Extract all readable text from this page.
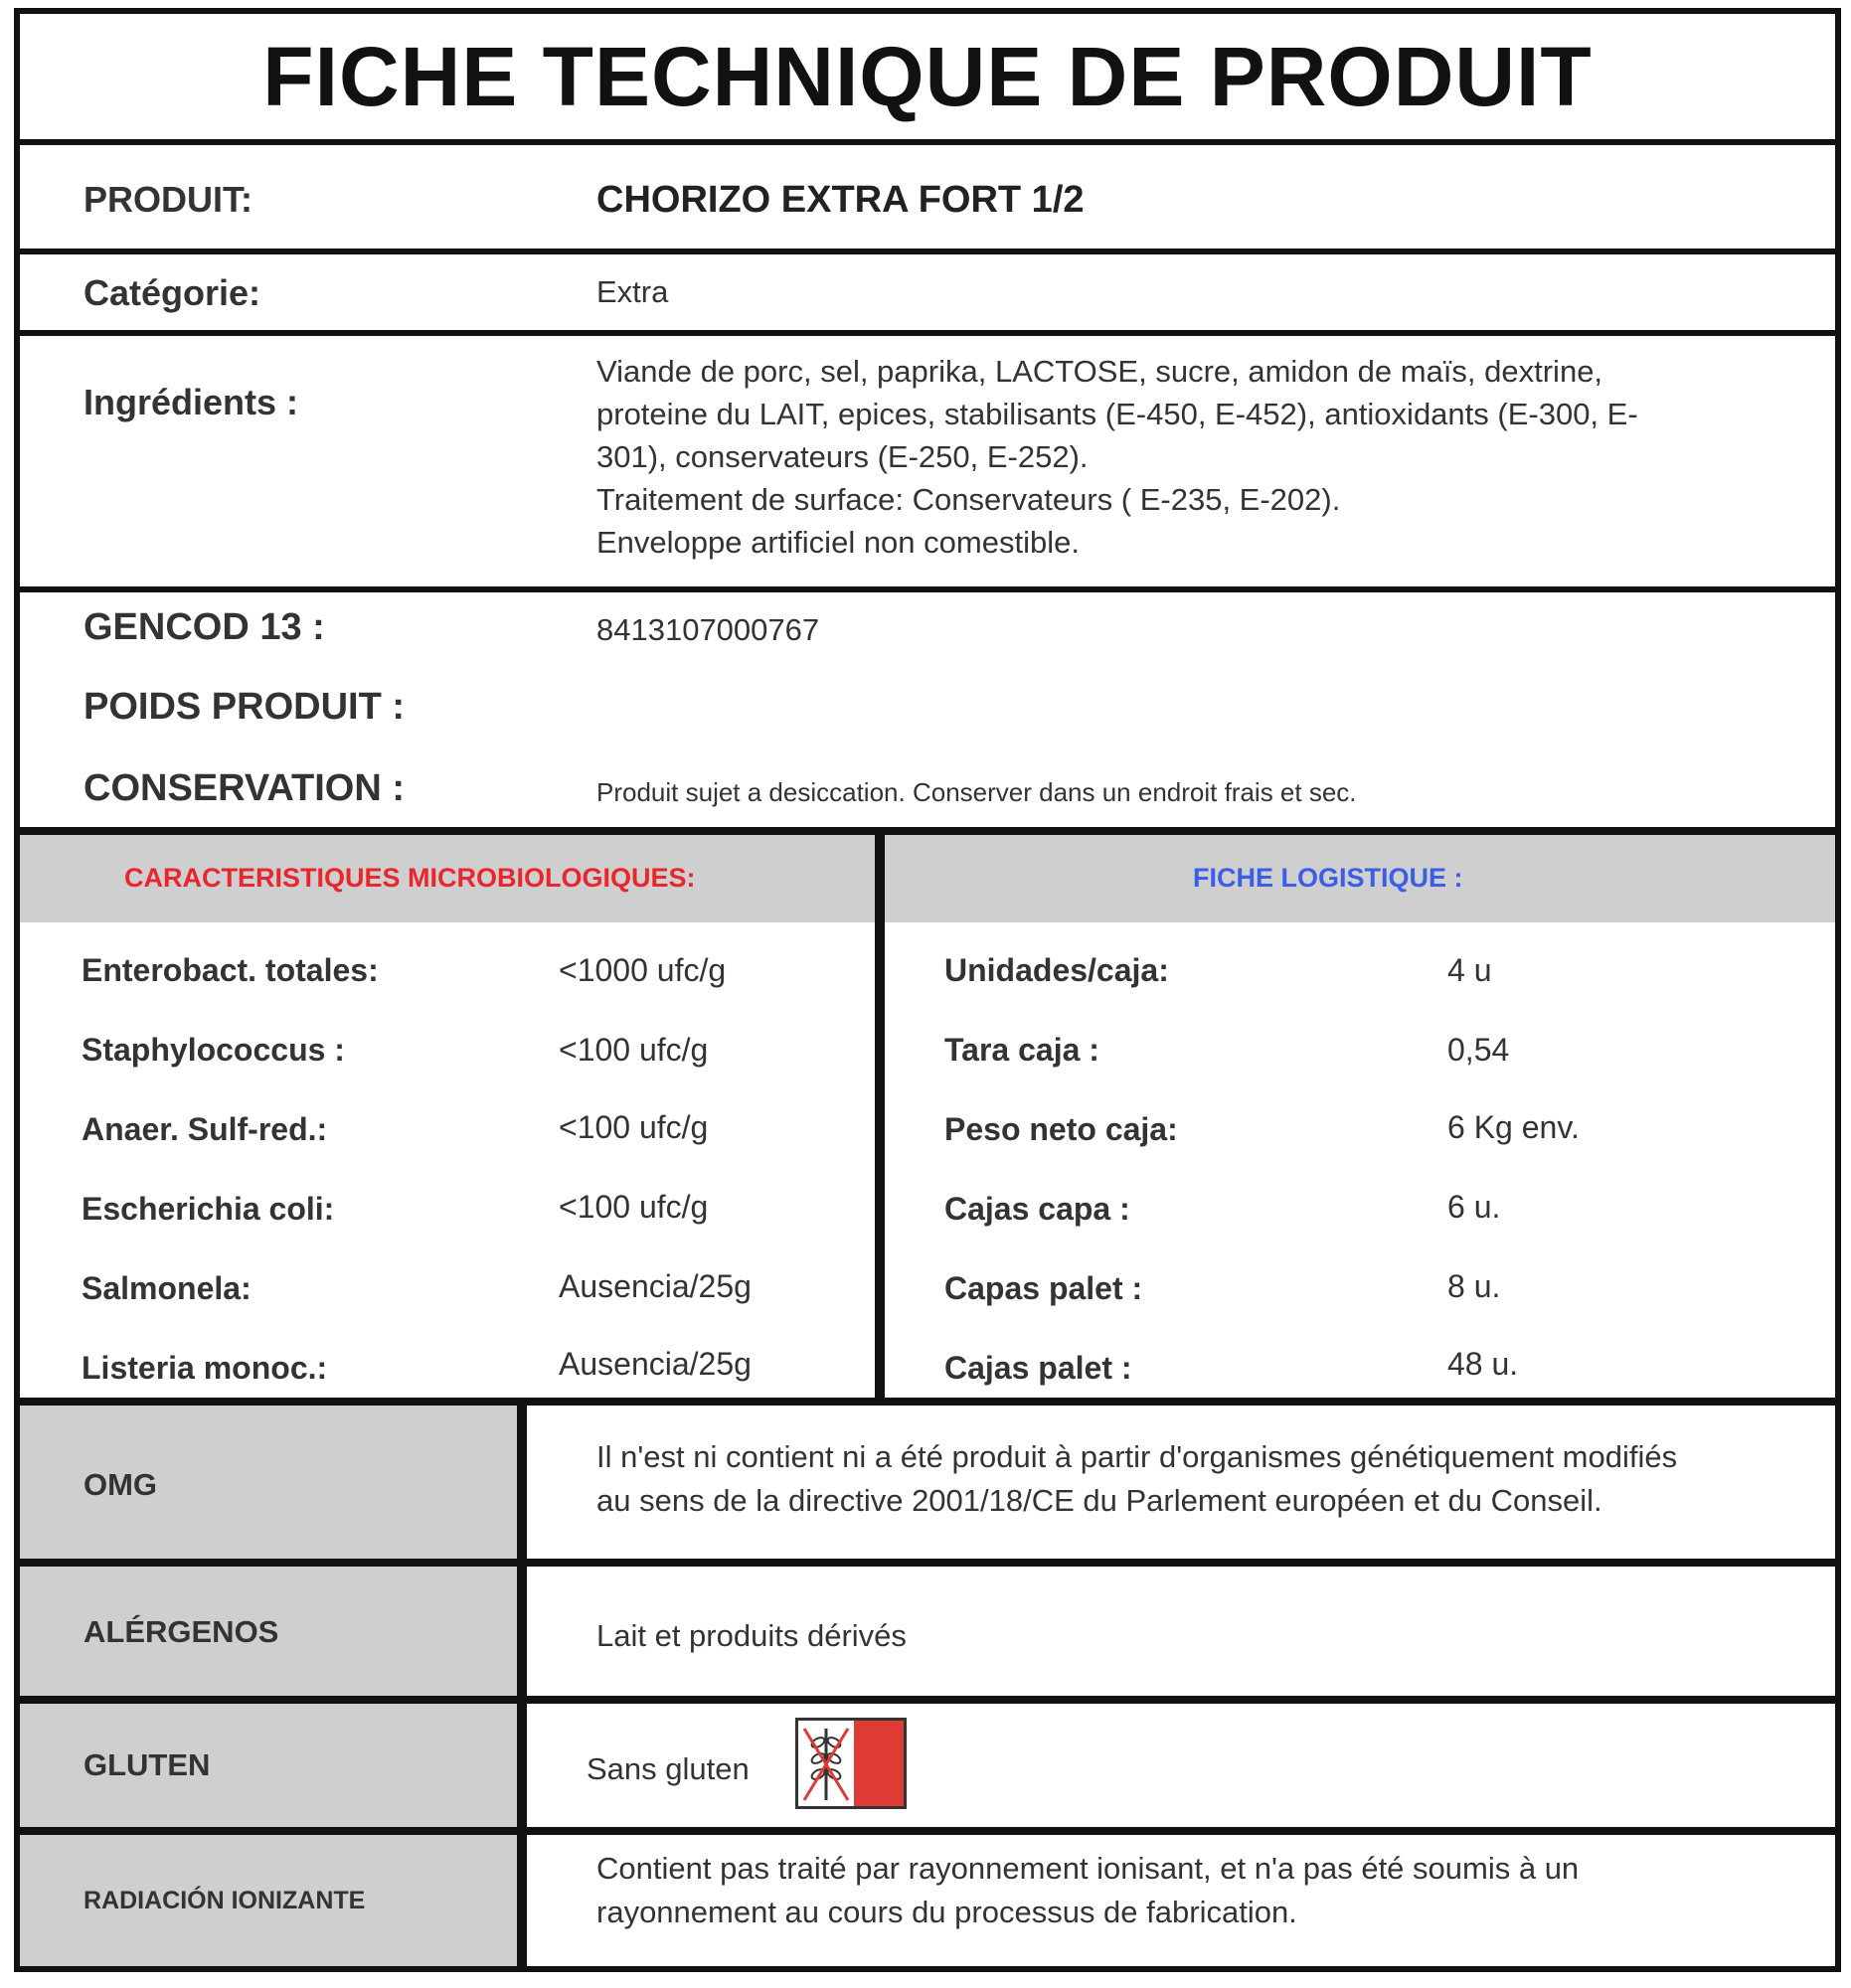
FICHE TECHNIQUE DE PRODUIT
PRODUIT:	CHORIZO EXTRA FORT 1/2
Catégorie:	Extra
Ingrédients :
Viande de porc, sel, paprika, LACTOSE, sucre, amidon de maïs, dextrine,
proteine du LAIT, epices, stabilisants (E-450, E-452), antioxidants (E-300, E-
301), conservateurs (E-250, E-252).
Traitement de surface: Conservateurs ( E-235, E-202).
Enveloppe artificiel non comestible.
GENCOD 13 :	8413107000767
POIDS PRODUIT :
CONSERVATION :	Produit sujet a desiccation. Conserver dans un endroit frais et sec.
CARACTERISTIQUES MICROBIOLOGIQUES:	FICHE LOGISTIQUE :
Enterobact. totales:	<1000 ufc/g
Staphylococcus :	<100 ufc/g
Anaer. Sulf-red.:	<100 ufc/g
Escherichia coli:	<100 ufc/g
Salmonela:	Ausencia/25g
Listeria monoc.:	Ausencia/25g
Unidades/caja:	4 u
Tara caja :	0,54
Peso neto caja:	6 Kg env.
Cajas capa :	6 u.
Capas palet :	8 u.
Cajas palet :	48 u.
OMG
Il n'est ni contient ni a été produit à partir d'organismes génétiquement modifiés
au sens de la directive 2001/18/CE du Parlement européen et du Conseil.
ALÉRGENOS	Lait et produits dérivés
GLUTEN	Sans gluten
RADIACIÓN IONIZANTE
Contient pas traité par rayonnement ionisant, et n'a pas été soumis à un
rayonnement au cours du processus de fabrication.
